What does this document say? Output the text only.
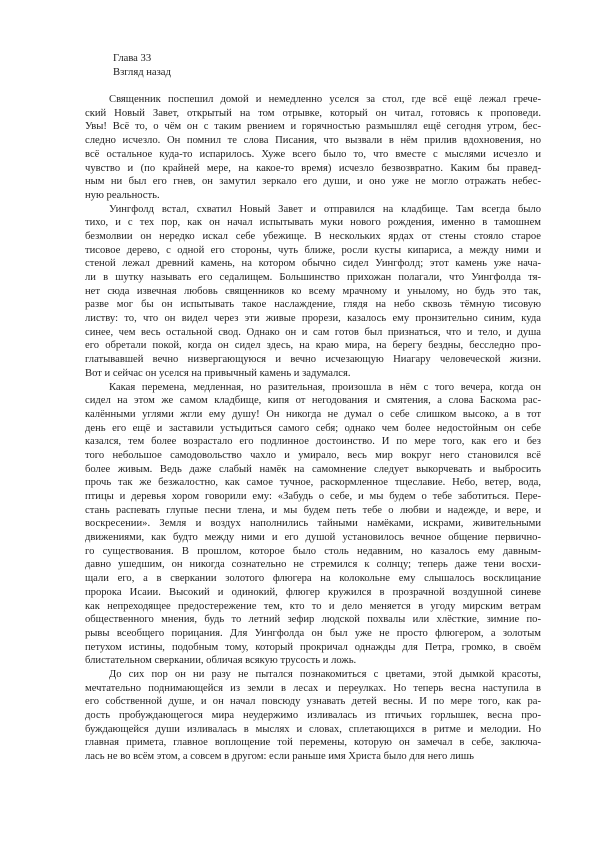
Глава 33
Взгляд назад
Священник поспешил домой и немедленно уселся за стол, где всё ещё лежал грече-
ский Новый Завет, открытый на том отрывке, который он читал, готовясь к проповеди.
Увы! Всё то, о чём он с таким рвением и горячностью размышлял ещё сегодня утром, бес-
следно исчезло. Он помнил те слова Писания, что вызвали в нём прилив вдохновения, но
всё остальное куда-то испарилось. Хуже всего было то, что вместе с мыслями исчезло и
чувство и (по крайней мере, на какое-то время) исчезло безвозвратно. Каким бы правед-
ным ни был его гнев, он замутил зеркало его души, и оно уже не могло отражать небес-
ную реальность.
Уингфолд встал, схватил Новый Завет и отправился на кладбище. Там всегда было
тихо, и с тех пор, как он начал испытывать муки нового рождения, именно в тамошнем
безмолвии он нередко искал себе убежище. В нескольких ярдах от стены стояло старое
тисовое дерево, с одной его стороны, чуть ближе, росли кусты кипариса, а между ними и
стеной лежал древний камень, на котором обычно сидел Уингфолд; этот камень уже нача-
ли в шутку называть его седалищем. Большинство прихожан полагали, что Уингфолда тя-
нет сюда извечная любовь священников ко всему мрачному и унылому, но будь это так,
разве мог бы он испытывать такое наслаждение, глядя на небо сквозь тёмную тисовую
листву: то, что он видел через эти живые прорези, казалось ему пронзительно синим, куда
синее, чем весь остальной свод. Однако он и сам готов был признаться, что и тело, и душа
его обретали покой, когда он сидел здесь, на краю мира, на берегу бездны, бесследно про-
глатывавшей вечно низвергающуюся и вечно исчезающую Ниагару человеческой жизни.
Вот и сейчас он уселся на привычный камень и задумался.
Какая перемена, медленная, но разительная, произошла в нём с того вечера, когда он
сидел на этом же самом кладбище, кипя от негодования и смятения, а слова Баскома рас-
калёнными углями жгли ему душу! Он никогда не думал о себе слишком высоко, а в тот
день его ещё и заставили устыдиться самого себя; однако чем более недостойным он себе
казался, тем более возрастало его подлинное достоинство. И по мере того, как его и без
того небольшое самодовольство чахло и умирало, весь мир вокруг него становился всё
более живым. Ведь даже слабый намёк на самомнение следует выкорчевать и выбросить
прочь так же безжалостно, как самое тучное, раскормленное тщеславие. Небо, ветер, вода,
птицы и деревья хором говорили ему: «Забудь о себе, и мы будем о тебе заботиться. Пере-
стань распевать глупые песни тлена, и мы будем петь тебе о любви и надежде, и вере, и
воскресении». Земля и воздух наполнились тайными намёками, искрами, живительными
движениями, как будто между ними и его душой установилось вечное общение первично-
го существования. В прошлом, которое было столь недавним, но казалось ему давным-
давно ушедшим, он никогда сознательно не стремился к солнцу; теперь даже тени восхи-
щали его, а в сверкании золотого флюгера на колокольне ему слышалось восклицание
пророка Исаии. Высокий и одинокий, флюгер кружился в прозрачной воздушной синеве
как непреходящее предостережение тем, кто то и дело меняется в угоду мирским ветрам
общественного мнения, будь то летний зефир людской похвалы или хлёсткие, зимние по-
рывы всеобщего порицания. Для Уингфолда он был уже не просто флюгером, а золотым
петухом истины, подобным тому, который прокричал однажды для Петра, громко, в своём
блистательном сверкании, обличая всякую трусость и ложь.
До сих пор он ни разу не пытался познакомиться с цветами, этой дымкой красоты,
мечтательно поднимающейся из земли в лесах и переулках. Но теперь весна наступила в
его собственной душе, и он начал повсюду узнавать детей весны. И по мере того, как ра-
дость пробуждающегося мира неудержимо изливалась из птичьих горлышек, весна про-
буждающейся души изливалась в мыслях и словах, сплетающихся в ритме и мелодии. Но
главная примета, главное воплощение той перемены, которую он замечал в себе, заключа-
лась не во всём этом, а совсем в другом: если раньше имя Христа было для него лишь
